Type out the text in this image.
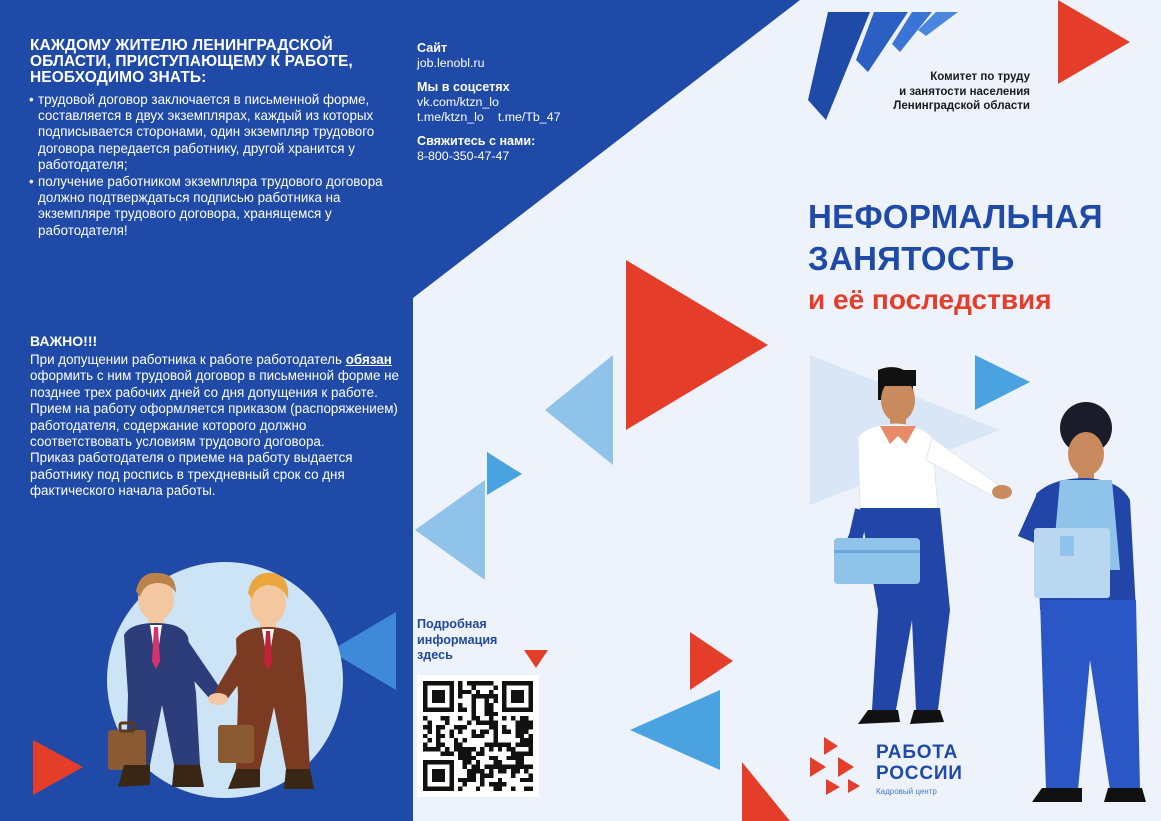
Комитет по труду
и занятости населения
Ленинградской области
КАЖДОМУ ЖИТЕЛЮ ЛЕНИНГРАДСКОЙ ОБЛАСТИ, ПРИСТУПАЮЩЕМУ К РАБОТЕ, НЕОБХОДИМО ЗНАТЬ:
• трудовой договор заключается в письменной форме, составляется в двух экземплярах, каждый из которых подписывается сторонами, один экземпляр трудового договора передается работнику, другой хранится у работодателя;
• получение работником экземпляра трудового договора должно подтверждаться подписью работника на экземпляре трудового договора, хранящемся у работодателя!
ВАЖНО!!!

При допущении работника к работе работодатель обязан оформить с ним трудовой договор в письменной форме не позднее трех рабочих дней со дня допущения к работе.

Прием на работу оформляется приказом (распоряжением) работодателя, содержание которого должно соответствовать условиям трудового договора.

Приказ работодателя о приеме на работу выдается работнику под роспись в трехдневный срок со дня фактического начала работы.

Сайт
job.lenobl.ru
Мы в соцсетях
vk.com/ktzn_lo
t.me/ktzn_lo t.me/Tb_47
Свяжитесь с нами:
8-800-350-47-47
Подробная информация здесь
НЕФОРМАЛЬНАЯ
ЗАНЯТОСТЬ
и её последствия
РАБОТА
РОССИИ
Кадровый центр
